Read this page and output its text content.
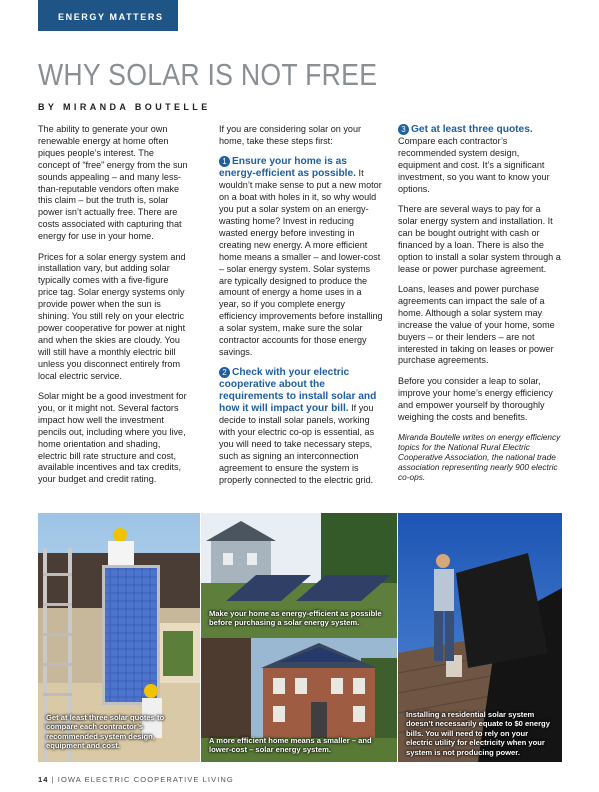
ENERGY MATTERS
WHY SOLAR IS NOT FREE
BY MIRANDA BOUTELLE

The ability to generate your own renewable energy at home often piques people’s interest. The concept of “free” energy from the sun sounds appealing – and many less-than-reputable vendors often make this claim – but the truth is, solar power isn’t actually free. There are costs associated with capturing that energy for use in your home.

Prices for a solar energy system and installation vary, but adding solar typically comes with a five-figure price tag. Solar energy systems only provide power when the sun is shining. You still rely on your electric power cooperative for power at night and when the skies are cloudy. You will still have a monthly electric bill unless you disconnect entirely from local electric service.

Solar might be a good investment for you, or it might not. Several factors impact how well the investment pencils out, including where you live, home orientation and shading, electric bill rate structure and cost, available incentives and tax credits, your budget and credit rating.

If you are considering solar on your home, take these steps first:

1 Ensure your home is as energy-efficient as possible. It wouldn’t make sense to put a new motor on a boat with holes in it, so why would you put a solar system on an energy-wasting home? Invest in reducing wasted energy before investing in creating new energy. A more efficient home means a smaller – and lower-cost – solar energy system. Solar systems are typically designed to produce the amount of energy a home uses in a year, so if you complete energy efficiency improvements before installing a solar system, make sure the solar contractor accounts for those energy savings.

2 Check with your electric cooperative about the requirements to install solar and how it will impact your bill. If you decide to install solar panels, working with your electric co-op is essential, as you will need to take necessary steps, such as signing an interconnection agreement to ensure the system is properly connected to the electric grid.

3 Get at least three quotes. Compare each contractor’s recommended system design, equipment and cost. It’s a significant investment, so you want to know your options.

There are several ways to pay for a solar energy system and installation. It can be bought outright with cash or financed by a loan. There is also the option to install a solar system through a lease or power purchase agreement.

Loans, leases and power purchase agreements can impact the sale of a home. Although a solar system may increase the value of your home, some buyers – or their lenders – are not interested in taking on leases or power purchase agreements.

Before you consider a leap to solar, improve your home’s energy efficiency and empower yourself by thoroughly weighing the costs and benefits.

Miranda Boutelle writes on energy efficiency topics for the National Rural Electric Cooperative Association, the national trade association representing nearly 900 electric co-ops.

Get at least three solar quotes to compare each contractor’s recommended system design, equipment and cost.
Make your home as energy-efficient as possible before purchasing a solar energy system.
A more efficient home means a smaller – and lower-cost – solar energy system.
Installing a residential solar system doesn’t necessarily equate to $0 energy bills. You will need to rely on your electric utility for electricity when your system is not producing power.
14 | IOWA ELECTRIC COOPERATIVE LIVING
